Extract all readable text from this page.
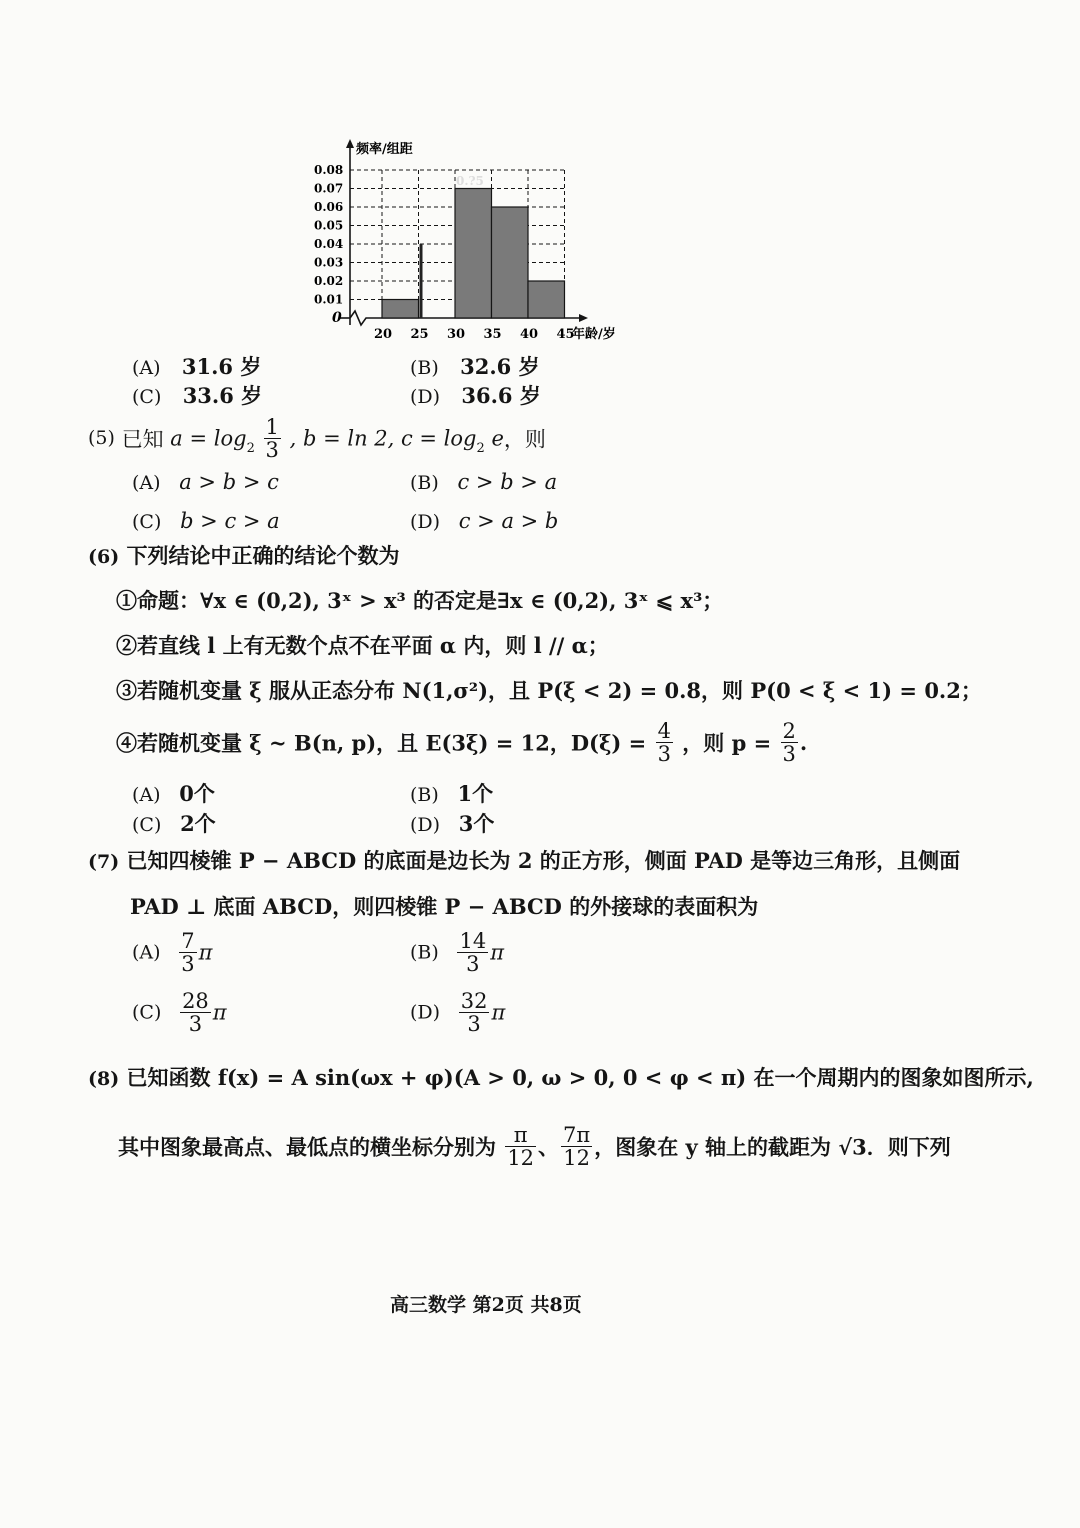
0
0.01
0.02
0.03
0.04
0.05
0.06
0.07
0.08
20 25 30 35 40 45
频率/组距
年龄/岁
0.?5
(A) 31.6 岁	(B) 32.6 岁
(C) 33.6 岁	(D) 36.6 岁
(5) 已知 $a = \log_2 \frac{1}{3}$ , b = ln 2, $c = \log_2 e$，则
(A) a > b > c	(B) c > b > a
(C) b > c > a	(D) c > a > b
(6) 下列结论中正确的结论个数为
①命题：∀x ∈ (0,2), 3ˣ > x³ 的否定是∃x ∈ (0,2), 3ˣ ⩽ x³；
②若直线 l 上有无数个点不在平面 α 内，则 l // α；
③若随机变量 ξ 服从正态分布 N(1,σ²)，且 P(ξ < 2) = 0.8，则 P(0 < ξ < 1) = 0.2；
④若随机变量 ξ ~ B(n, p)，且 E(3ξ) = 12，$D(\xi) = \frac{4}{3}$ ，则 $p = \frac{2}{3}$ .
(A) 0个	(B) 1个
(C) 2个	(D) 3个
(7) 已知四棱锥 P − ABCD 的底面是边长为 2 的正方形，侧面 PAD 是等边三角形，且侧面
PAD ⊥ 底面 ABCD，则四棱锥 P − ABCD 的外接球的表面积为
$(A) \frac{7}{3}$ π	$(B) \frac{14}{3}$ π
$(C) \frac{28}{3}$ π	$(D) \frac{32}{3}$ π
(8) 已知函数 f(x) = A sin(ωx + φ)(A > 0, ω > 0, 0 < φ < π) 在一个周期内的图象如图所示,
其中图象最高点、最低点的横坐标分别为 $\frac{\pi}{12}$ 、 $\frac{7\pi}{12}$ ，图象在 y 轴上的截距为 √3．则下列
高三数学 第2页 共8页
